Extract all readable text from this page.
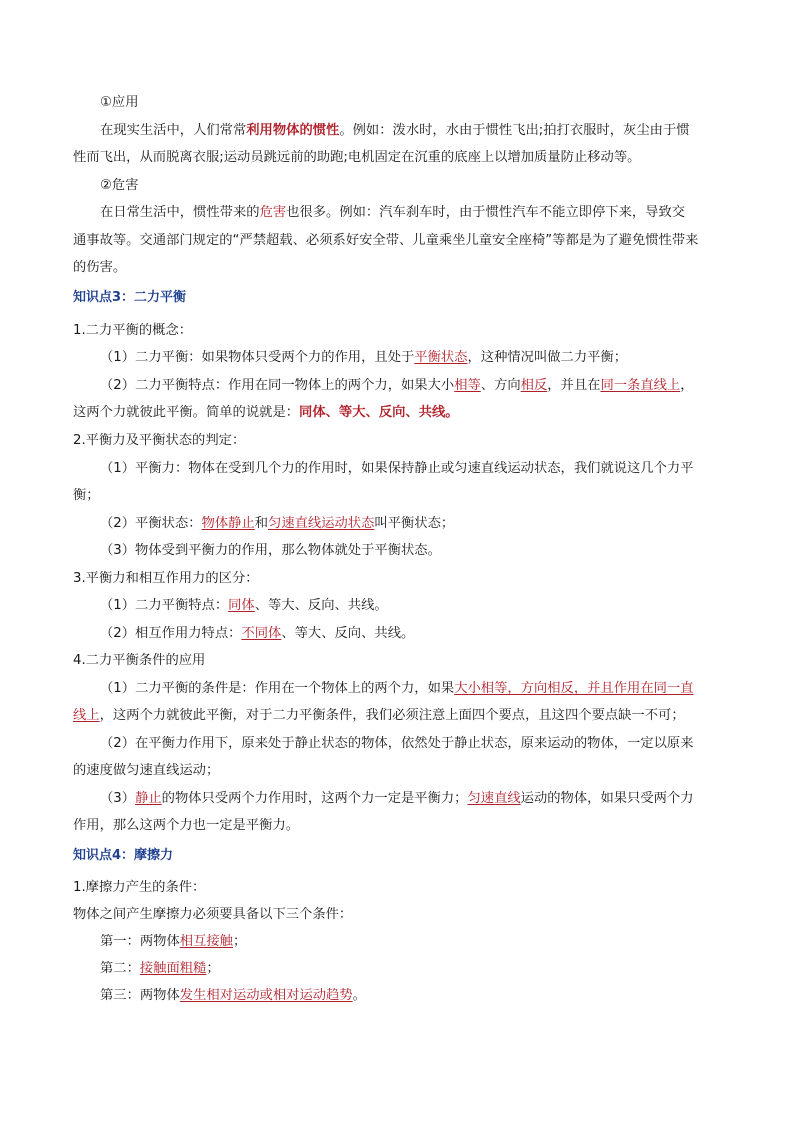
①应用
在现实生活中，人们常常利用物体的惯性。例如：泼水时，水由于惯性飞出;拍打衣服时，灰尘由于惯
性而飞出，从而脱离衣服;运动员跳远前的助跑;电机固定在沉重的底座上以增加质量防止移动等。
②危害
在日常生活中，惯性带来的危害也很多。例如：汽车刹车时，由于惯性汽车不能立即停下来，导致交
通事故等。交通部门规定的“严禁超载、必须系好安全带、儿童乘坐儿童安全座椅”等都是为了避免惯性带来
的伤害。
知识点3：二力平衡
1.二力平衡的概念：
（1）二力平衡：如果物体只受两个力的作用，且处于平衡状态，这种情况叫做二力平衡；
（2）二力平衡特点：作用在同一物体上的两个力，如果大小相等、方向相反，并且在同一条直线上，
这两个力就彼此平衡。简单的说就是：同体、等大、反向、共线。
2.平衡力及平衡状态的判定：
（1）平衡力：物体在受到几个力的作用时，如果保持静止或匀速直线运动状态，我们就说这几个力平
衡；
（2）平衡状态：物体静止和匀速直线运动状态叫平衡状态；
（3）物体受到平衡力的作用，那么物体就处于平衡状态。
3.平衡力和相互作用力的区分：
（1）二力平衡特点：同体、等大、反向、共线。
（2）相互作用力特点：不同体、等大、反向、共线。
4.二力平衡条件的应用
（1）二力平衡的条件是：作用在一个物体上的两个力，如果大小相等，方向相反，并且作用在同一直
线上，这两个力就彼此平衡，对于二力平衡条件，我们必须注意上面四个要点，且这四个要点缺一不可；
（2）在平衡力作用下，原来处于静止状态的物体，依然处于静止状态，原来运动的物体，一定以原来
的速度做匀速直线运动；
（3）静止的物体只受两个力作用时，这两个力一定是平衡力；匀速直线运动的物体，如果只受两个力
作用，那么这两个力也一定是平衡力。
知识点4：摩擦力
1.摩擦力产生的条件：
物体之间产生摩擦力必须要具备以下三个条件：
第一：两物体相互接触；
第二：接触面粗糙；
第三：两物体发生相对运动或相对运动趋势。
